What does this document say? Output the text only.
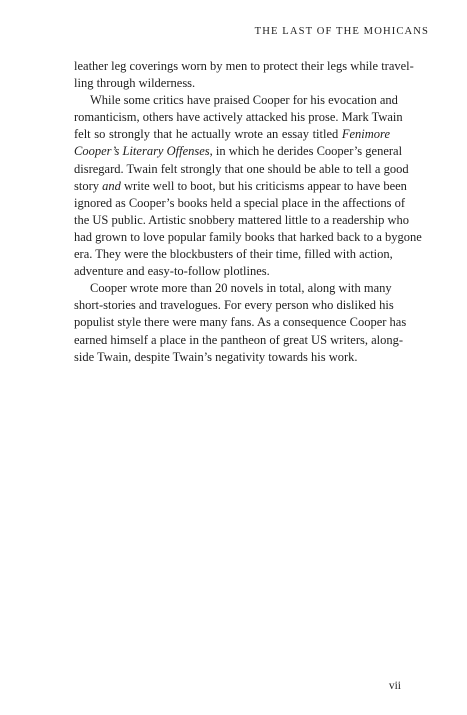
THE LAST OF THE MOHICANS
leather leg coverings worn by men to protect their legs while travel-
ling through wilderness.
While some critics have praised Cooper for his evocation and
romanticism, others have actively attacked his prose. Mark Twain
felt so strongly that he actually wrote an essay titled Fenimore
Cooper’s Literary Offenses, in which he derides Cooper’s general
disregard. Twain felt strongly that one should be able to tell a good
story and write well to boot, but his criticisms appear to have been
ignored as Cooper’s books held a special place in the affections of
the US public. Artistic snobbery mattered little to a readership who
had grown to love popular family books that harked back to a bygone
era. They were the blockbusters of their time, filled with action,
adventure and easy-to-follow plotlines.
Cooper wrote more than 20 novels in total, along with many
short-stories and travelogues. For every person who disliked his
populist style there were many fans. As a consequence Cooper has
earned himself a place in the pantheon of great US writers, along-
side Twain, despite Twain’s negativity towards his work.
vii
